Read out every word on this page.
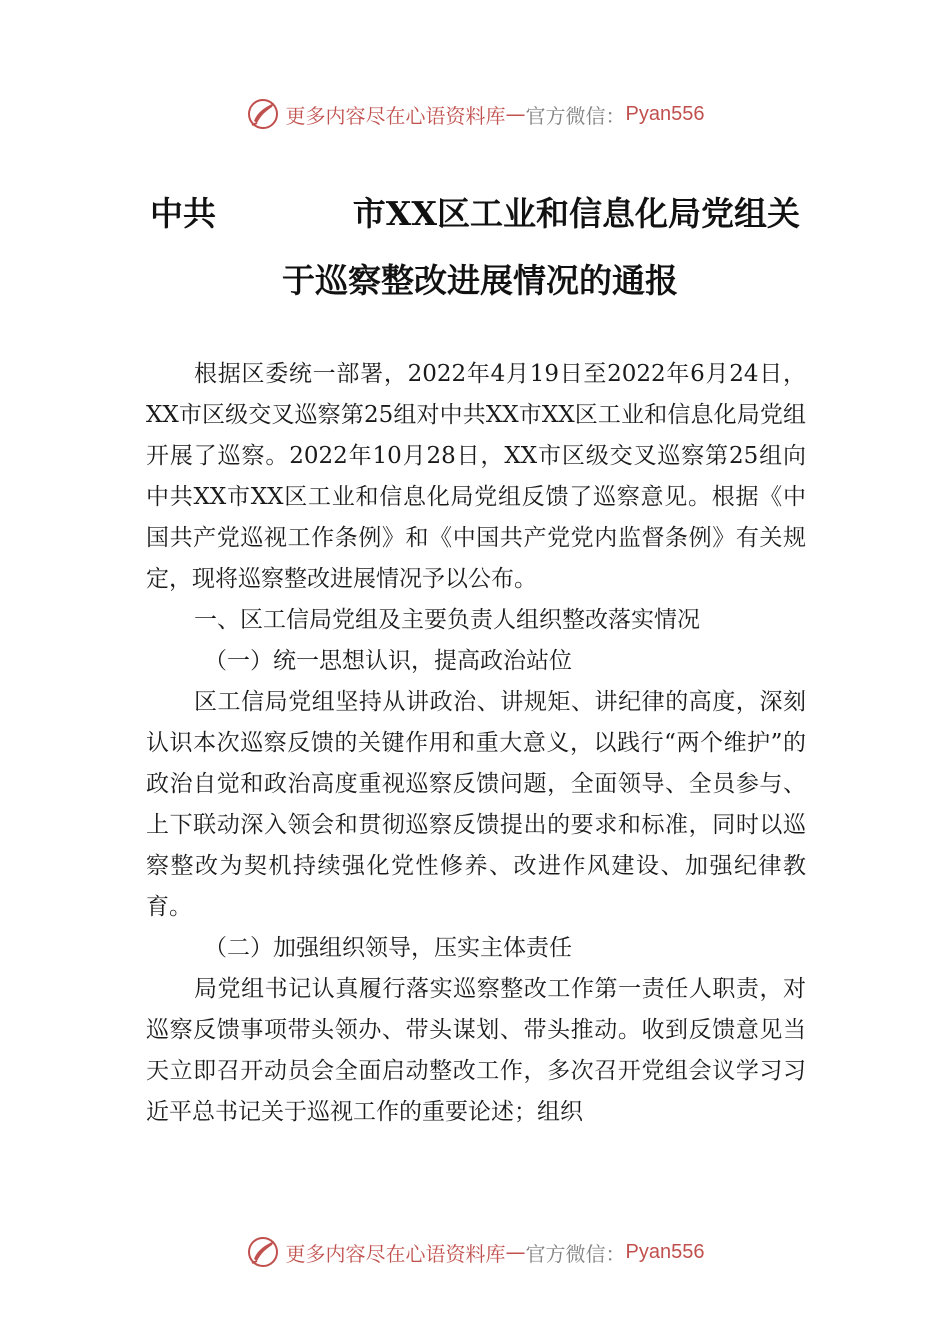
更多内容尽在心语资料库 — 官方微信： Pyan556
中共	市XX区工业和信息化局党组关
于巡察整改进展情况的通报

根据区委统一部署，2022年4月19日至2022年6月24日，XX市区级交叉巡察第25组对中共XX市XX区工业和信息化局党组开展了巡察。2022年10月28日，XX市区级交叉巡察第25组向中共XX市XX区工业和信息化局党组反馈了巡察意见。根据《中国共产党巡视工作条例》和《中国共产党党内监督条例》有关规定，现将巡察整改进展情况予以公布。

一、区工信局党组及主要负责人组织整改落实情况

（一）统一思想认识，提高政治站位

区工信局党组坚持从讲政治、讲规矩、讲纪律的高度，深刻认识本次巡察反馈的关键作用和重大意义，以践行“两个维护”的政治自觉和政治高度重视巡察反馈问题，全面领导、全员参与、上下联动深入领会和贯彻巡察反馈提出的要求和标准，同时以巡察整改为契机持续强化党性修养、改进作风建设、加强纪律教育。

（二）加强组织领导，压实主体责任

局党组书记认真履行落实巡察整改工作第一责任人职责，对巡察反馈事项带头领办、带头谋划、带头推动。收到反馈意见当天立即召开动员会全面启动整改工作，多次召开党组会议学习习近平总书记关于巡视工作的重要论述；组织

更多内容尽在心语资料库 — 官方微信： Pyan556
